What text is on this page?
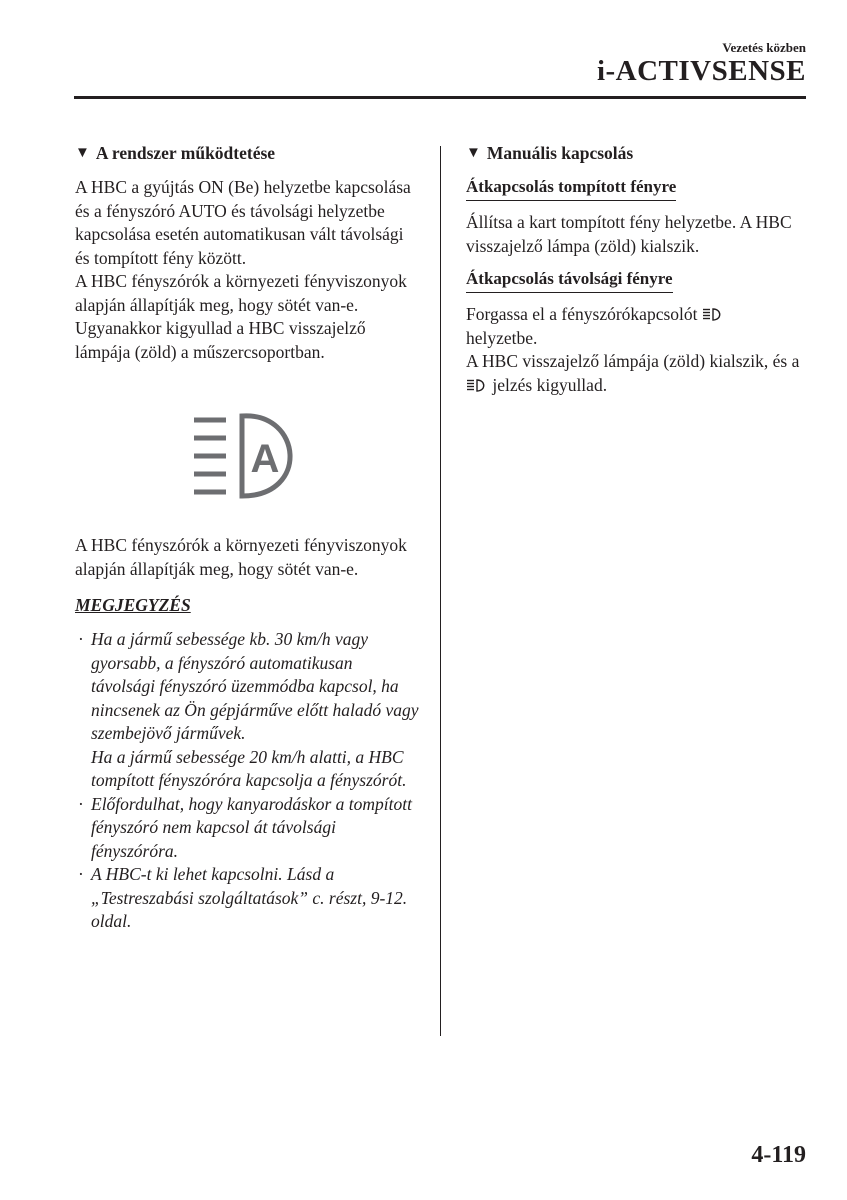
Vezetés közben
i-ACTIVSENSE
▼ A rendszer működtetése

A HBC a gyújtás ON (Be) helyzetbe kapcsolása és a fényszóró AUTO és távolsági helyzetbe kapcsolása esetén automatikusan vált távolsági és tompított fény között.

A HBC fényszórók a környezeti fényviszonyok alapján állapítják meg, hogy sötét van-e. Ugyanakkor kigyullad a HBC visszajelző lámpája (zöld) a műszercsoportban.

A

A HBC fényszórók a környezeti fényviszonyok alapján állapítják meg, hogy sötét van-e.

MEGJEGYZÉS
· Ha a jármű sebessége kb. 30 km/h vagy gyorsabb, a fényszóró automatikusan távolsági fényszóró üzemmódba kapcsol, ha nincsenek az Ön gépjárműve előtt haladó vagy szembejövő járművek.
Ha a jármű sebessége 20 km/h alatti, a HBC tompított fényszóróra kapcsolja a fényszórót.
· Előfordulhat, hogy kanyarodáskor a tompított fényszóró nem kapcsol át távolsági fényszóróra.
· A HBC-t ki lehet kapcsolni. Lásd a „Testreszabási szolgáltatások” c. részt, 9-12. oldal.
▼ Manuális kapcsolás
Átkapcsolás tompított fényre

Állítsa a kart tompított fény helyzetbe. A HBC visszajelző lámpa (zöld) kialszik.

Átkapcsolás távolsági fényre

Forgassa el a fényszórókapcsolót
helyzetbe.
A HBC visszajelző lámpája (zöld) kialszik, és a  jelzés kigyullad.

4-119
